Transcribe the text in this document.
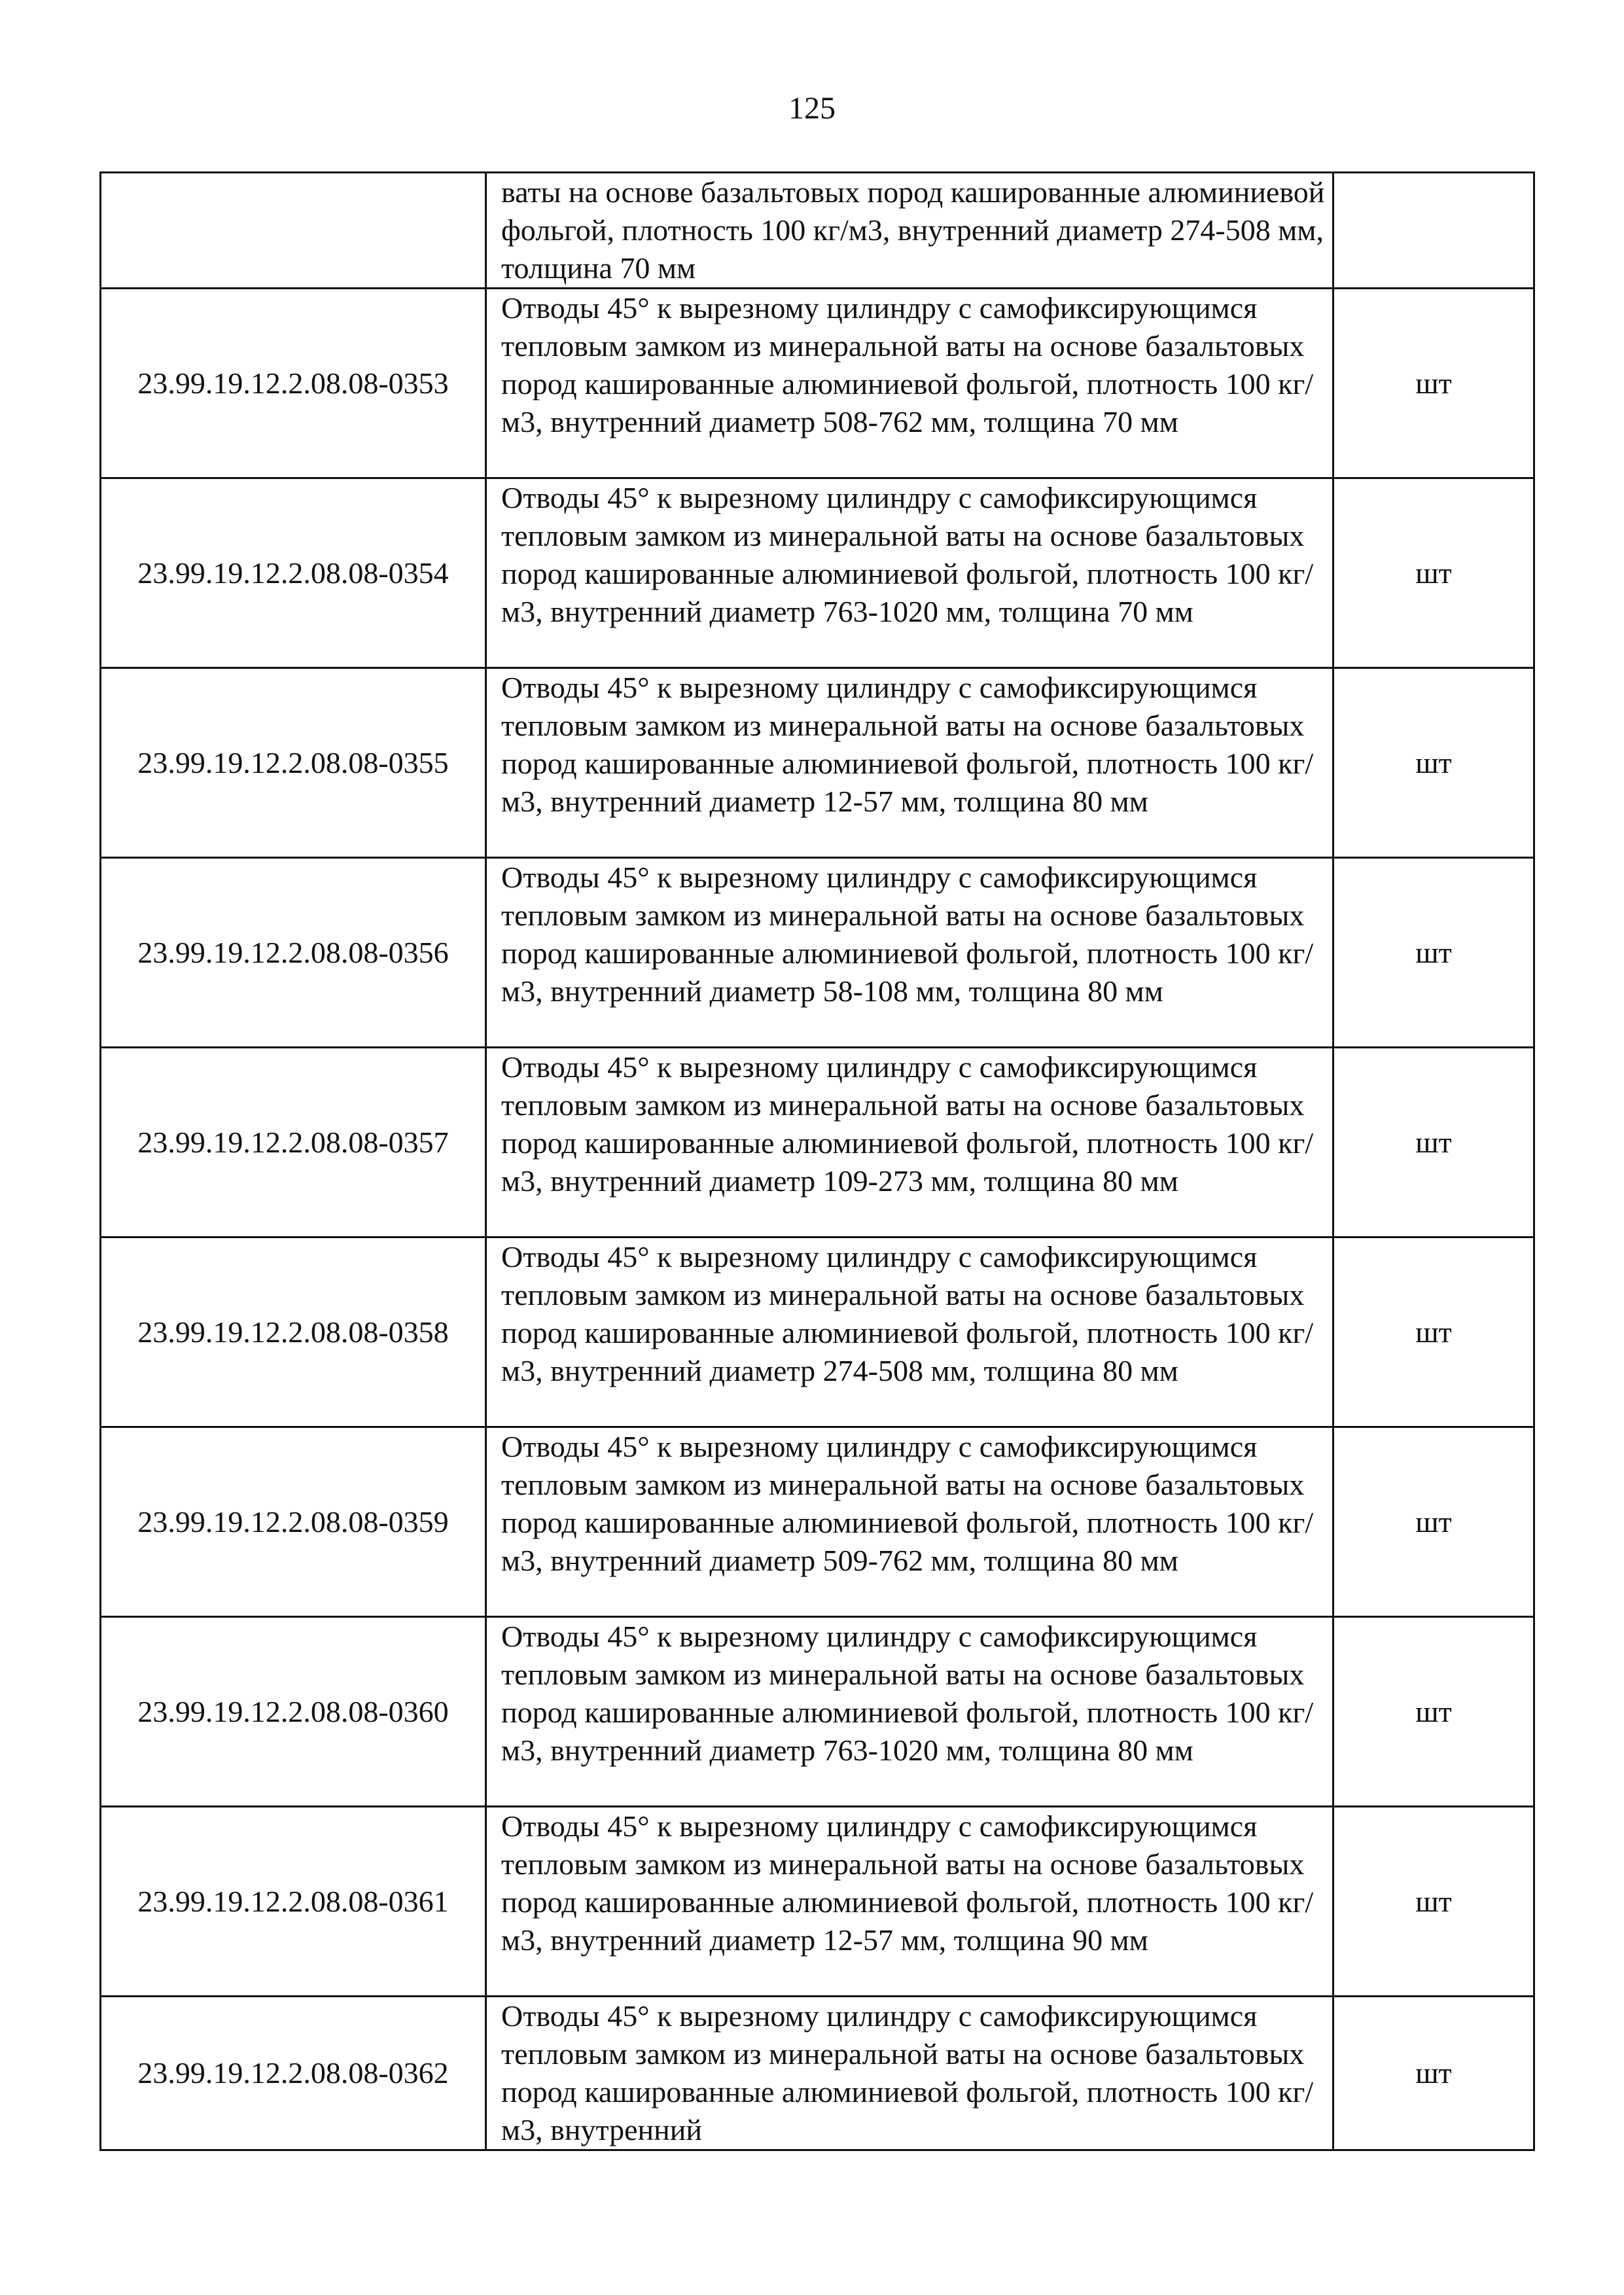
125
	ваты на основе базальтовых пород кашированные алюминиевой фольгой, плотность 100 кг/м3, внутренний диаметр 274-508 мм, толщина 70 мм	
23.99.19.12.2.08.08-0353	Отводы 45° к вырезному цилиндру с самофиксирующимся тепловым замком из минеральной ваты на основе базальтовых пород кашированные алюминиевой фольгой, плотность 100 кг/м3, внутренний диаметр 508-762 мм, толщина 70 мм	шт
23.99.19.12.2.08.08-0354	Отводы 45° к вырезному цилиндру с самофиксирующимся тепловым замком из минеральной ваты на основе базальтовых пород кашированные алюминиевой фольгой, плотность 100 кг/м3, внутренний диаметр 763-1020 мм, толщина 70 мм	шт
23.99.19.12.2.08.08-0355	Отводы 45° к вырезному цилиндру с самофиксирующимся тепловым замком из минеральной ваты на основе базальтовых пород кашированные алюминиевой фольгой, плотность 100 кг/м3, внутренний диаметр 12-57 мм, толщина 80 мм	шт
23.99.19.12.2.08.08-0356	Отводы 45° к вырезному цилиндру с самофиксирующимся тепловым замком из минеральной ваты на основе базальтовых пород кашированные алюминиевой фольгой, плотность 100 кг/м3, внутренний диаметр 58-108 мм, толщина 80 мм	шт
23.99.19.12.2.08.08-0357	Отводы 45° к вырезному цилиндру с самофиксирующимся тепловым замком из минеральной ваты на основе базальтовых пород кашированные алюминиевой фольгой, плотность 100 кг/м3, внутренний диаметр 109-273 мм, толщина 80 мм	шт
23.99.19.12.2.08.08-0358	Отводы 45° к вырезному цилиндру с самофиксирующимся тепловым замком из минеральной ваты на основе базальтовых пород кашированные алюминиевой фольгой, плотность 100 кг/м3, внутренний диаметр 274-508 мм, толщина 80 мм	шт
23.99.19.12.2.08.08-0359	Отводы 45° к вырезному цилиндру с самофиксирующимся тепловым замком из минеральной ваты на основе базальтовых пород кашированные алюминиевой фольгой, плотность 100 кг/м3, внутренний диаметр 509-762 мм, толщина 80 мм	шт
23.99.19.12.2.08.08-0360	Отводы 45° к вырезному цилиндру с самофиксирующимся тепловым замком из минеральной ваты на основе базальтовых пород кашированные алюминиевой фольгой, плотность 100 кг/м3, внутренний диаметр 763-1020 мм, толщина 80 мм	шт
23.99.19.12.2.08.08-0361	Отводы 45° к вырезному цилиндру с самофиксирующимся тепловым замком из минеральной ваты на основе базальтовых пород кашированные алюминиевой фольгой, плотность 100 кг/м3, внутренний диаметр 12-57 мм, толщина 90 мм	шт
23.99.19.12.2.08.08-0362	Отводы 45° к вырезному цилиндру с самофиксирующимся тепловым замком из минеральной ваты на основе базальтовых пород кашированные алюминиевой фольгой, плотность 100 кг/м3, внутренний	шт
